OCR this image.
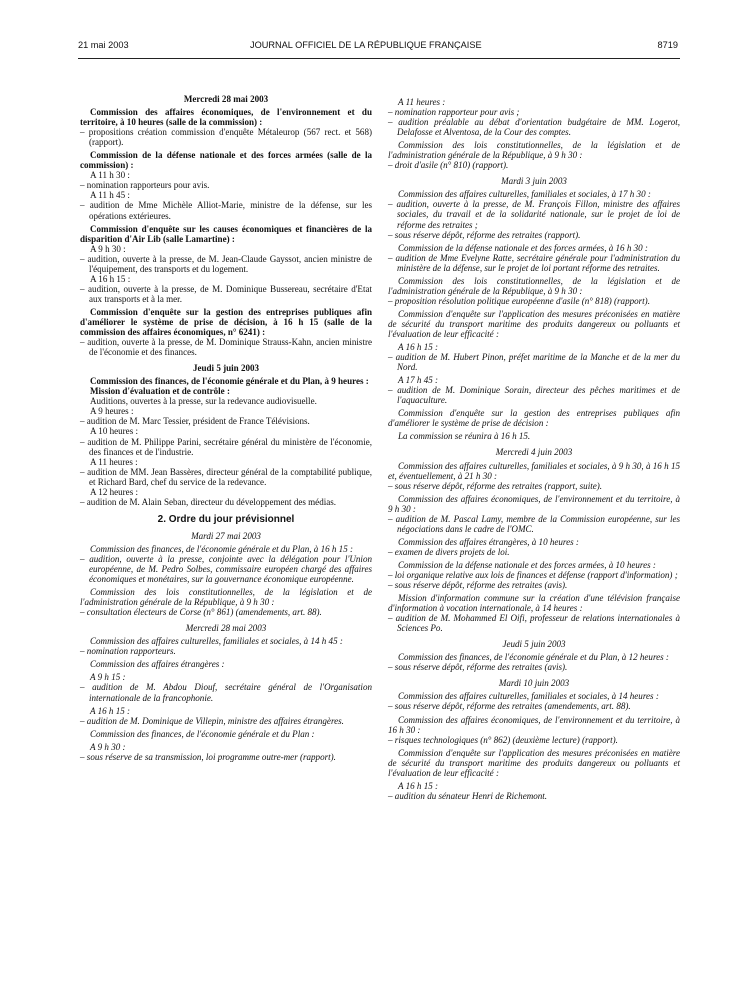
21 mai 2003	JOURNAL OFFICIEL DE LA RÉPUBLIQUE FRANÇAISE	8719

Mercredi 28 mai 2003

Commission des affaires économiques, de l'environnement et du territoire, à 10 heures (salle de la commission) :

– propositions création commission d'enquête Métaleurop (567 rect. et 568) (rapport).

Commission de la défense nationale et des forces armées (salle de la commission) :

A 11 h 30 :

– nomination rapporteurs pour avis.

A 11 h 45 :

– audition de Mme Michèle Alliot-Marie, ministre de la défense, sur les opérations extérieures.

Commission d'enquête sur les causes économiques et financières de la disparition d'Air Lib (salle Lamartine) :

A 9 h 30 :

– audition, ouverte à la presse, de M. Jean-Claude Gayssot, ancien ministre de l'équipement, des transports et du logement.

A 16 h 15 :

– audition, ouverte à la presse, de M. Dominique Bussereau, secrétaire d'Etat aux transports et à la mer.

Commission d'enquête sur la gestion des entreprises publiques afin d'améliorer le système de prise de décision, à 16 h 15 (salle de la commission des affaires économiques, n° 6241) :

– audition, ouverte à la presse, de M. Dominique Strauss-Kahn, ancien ministre de l'économie et des finances.

Jeudi 5 juin 2003

Commission des finances, de l'économie générale et du Plan, à 9 heures :

Mission d'évaluation et de contrôle :

Auditions, ouvertes à la presse, sur la redevance audiovisuelle.

A 9 heures :

– audition de M. Marc Tessier, président de France Télévisions.

A 10 heures :

– audition de M. Philippe Parini, secrétaire général du ministère de l'économie, des finances et de l'industrie.

A 11 heures :

– audition de MM. Jean Bassères, directeur général de la comptabilité publique, et Richard Bard, chef du service de la redevance.

A 12 heures :

– audition de M. Alain Seban, directeur du développement des médias.

2. Ordre du jour prévisionnel

Mardi 27 mai 2003

Commission des finances, de l'économie générale et du Plan, à 16 h 15 :

– audition, ouverte à la presse, conjointe avec la délégation pour l'Union européenne, de M. Pedro Solbes, commissaire européen chargé des affaires économiques et monétaires, sur la gouvernance économique européenne.

Commission des lois constitutionnelles, de la législation et de l'administration générale de la République, à 9 h 30 :

– consultation électeurs de Corse (n° 861) (amendements, art. 88).

Mercredi 28 mai 2003

Commission des affaires culturelles, familiales et sociales, à 14 h 45 :

– nomination rapporteurs.

Commission des affaires étrangères :

A 9 h 15 :

– audition de M. Abdou Diouf, secrétaire général de l'Organisation internationale de la francophonie.

A 16 h 15 :

– audition de M. Dominique de Villepin, ministre des affaires étrangères.

Commission des finances, de l'économie générale et du Plan :

A 9 h 30 :

– sous réserve de sa transmission, loi programme outre-mer (rapport).

A 11 heures :

– nomination rapporteur pour avis ;

– audition préalable au débat d'orientation budgétaire de MM. Logerot, Delafosse et Alventosa, de la Cour des comptes.

Commission des lois constitutionnelles, de la législation et de l'administration générale de la République, à 9 h 30 :

– droit d'asile (n° 810) (rapport).

Mardi 3 juin 2003

Commission des affaires culturelles, familiales et sociales, à 17 h 30 :

– audition, ouverte à la presse, de M. François Fillon, ministre des affaires sociales, du travail et de la solidarité nationale, sur le projet de loi de réforme des retraites ;

– sous réserve dépôt, réforme des retraites (rapport).

Commission de la défense nationale et des forces armées, à 16 h 30 :

– audition de Mme Evelyne Ratte, secrétaire générale pour l'administration du ministère de la défense, sur le projet de loi portant réforme des retraites.

Commission des lois constitutionnelles, de la législation et de l'administration générale de la République, à 9 h 30 :

– proposition résolution politique européenne d'asile (n° 818) (rapport).

Commission d'enquête sur l'application des mesures préconisées en matière de sécurité du transport maritime des produits dangereux ou polluants et l'évaluation de leur efficacité :

A 16 h 15 :

– audition de M. Hubert Pinon, préfet maritime de la Manche et de la mer du Nord.

A 17 h 45 :

– audition de M. Dominique Sorain, directeur des pêches maritimes et de l'aquaculture.

Commission d'enquête sur la gestion des entreprises publiques afin d'améliorer le système de prise de décision :

La commission se réunira à 16 h 15.

Mercredi 4 juin 2003

Commission des affaires culturelles, familiales et sociales, à 9 h 30, à 16 h 15 et, éventuellement, à 21 h 30 :

– sous réserve dépôt, réforme des retraites (rapport, suite).

Commission des affaires économiques, de l'environnement et du territoire, à 9 h 30 :

– audition de M. Pascal Lamy, membre de la Commission européenne, sur les négociations dans le cadre de l'OMC.

Commission des affaires étrangères, à 10 heures :

– examen de divers projets de loi.

Commission de la défense nationale et des forces armées, à 10 heures :

– loi organique relative aux lois de finances et défense (rapport d'information) ;

– sous réserve dépôt, réforme des retraites (avis).

Mission d'information commune sur la création d'une télévision française d'information à vocation internationale, à 14 heures :

– audition de M. Mohammed El Oifi, professeur de relations internationales à Sciences Po.

Jeudi 5 juin 2003

Commission des finances, de l'économie générale et du Plan, à 12 heures :

– sous réserve dépôt, réforme des retraites (avis).

Mardi 10 juin 2003

Commission des affaires culturelles, familiales et sociales, à 14 heures :

– sous réserve dépôt, réforme des retraites (amendements, art. 88).

Commission des affaires économiques, de l'environnement et du territoire, à 16 h 30 :

– risques technologiques (n° 862) (deuxième lecture) (rapport).

Commission d'enquête sur l'application des mesures préconisées en matière de sécurité du transport maritime des produits dangereux ou polluants et l'évaluation de leur efficacité :

A 16 h 15 :

– audition du sénateur Henri de Richemont.
